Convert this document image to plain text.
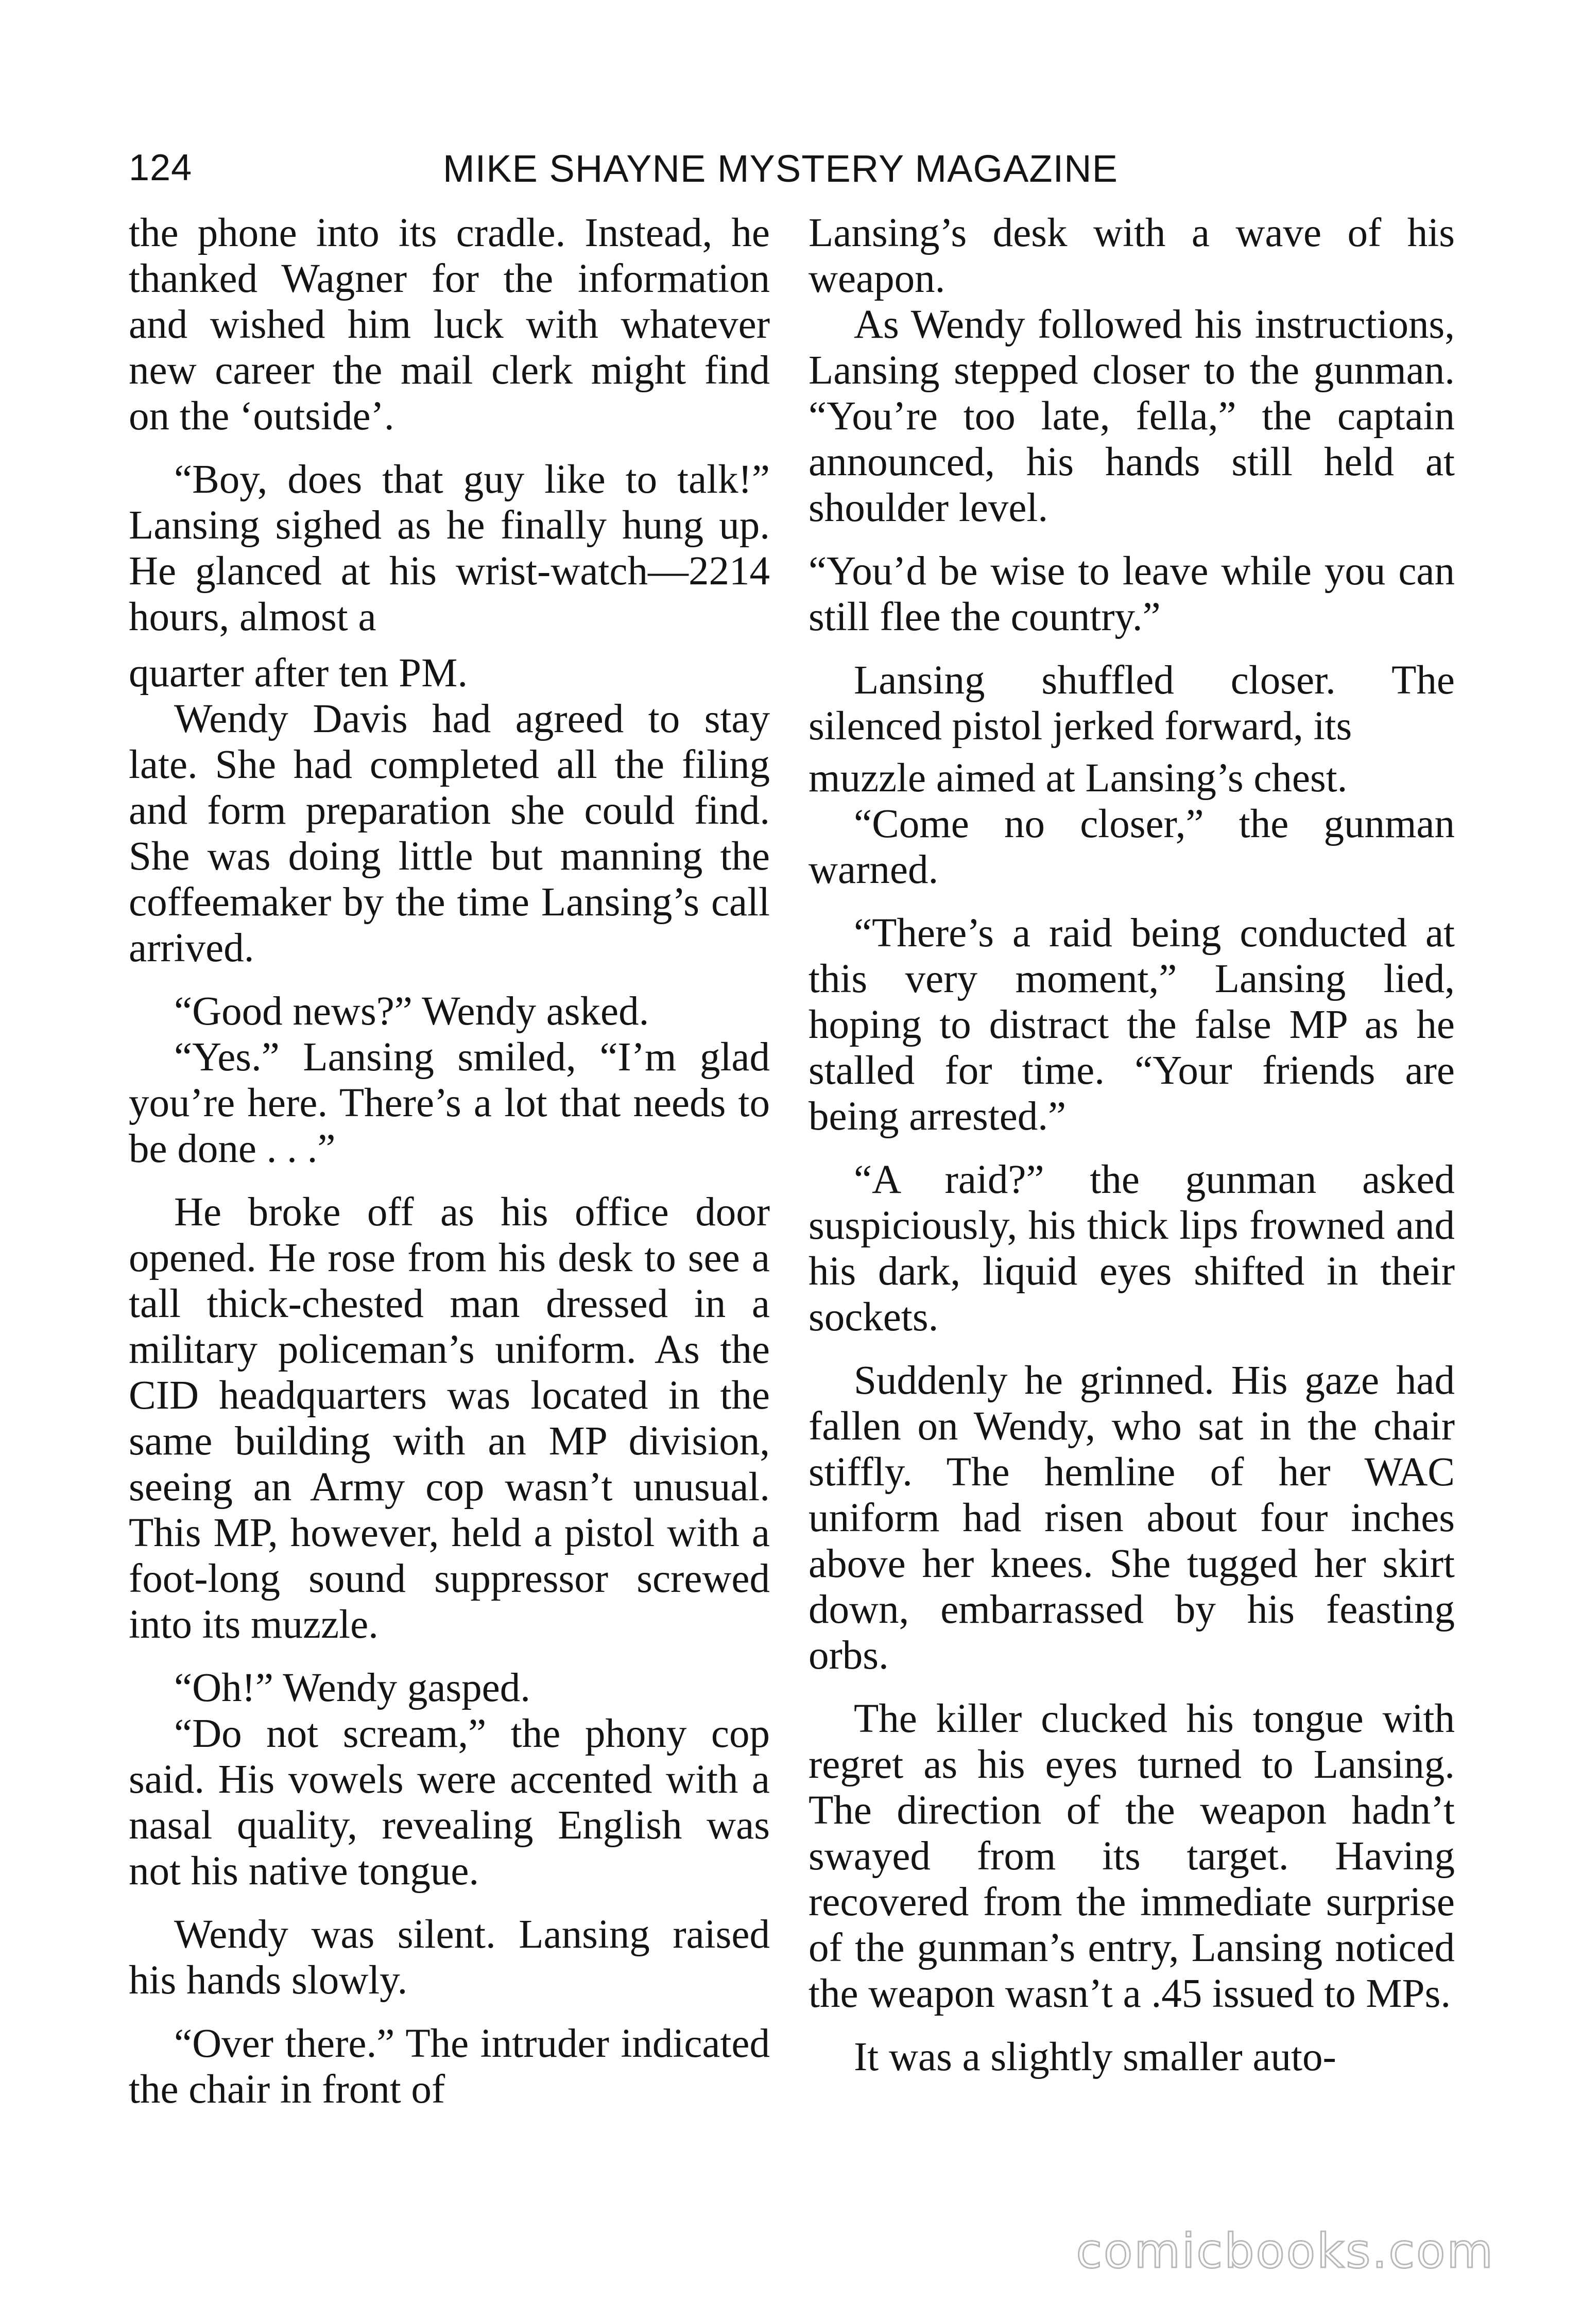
124	MIKE SHAYNE MYSTERY MAGAZINE

the phone into its cradle. Instead, he thanked Wagner for the information and wished him luck with whatever new career the mail clerk might find on the ‘outside’.

“Boy, does that guy like to talk!” Lansing sighed as he finally hung up. He glanced at his wrist-watch—2214 hours, almost a

quarter after ten PM.

Wendy Davis had agreed to stay late. She had completed all the filing and form preparation she could find. She was doing little but manning the coffeemaker by the time Lansing’s call arrived.

“Good news?” Wendy asked.

“Yes.” Lansing smiled, “I’m glad you’re here. There’s a lot that needs to be done . . .”

He broke off as his office door opened. He rose from his desk to see a tall thick-chested man dressed in a military policeman’s uniform. As the CID headquarters was located in the same building with an MP division, seeing an Army cop wasn’t unusual. This MP, however, held a pistol with a foot-long sound suppressor screwed into its muzzle.

“Oh!” Wendy gasped.

“Do not scream,” the phony cop said. His vowels were accented with a nasal quality, revealing English was not his native tongue.

Wendy was silent. Lansing raised his hands slowly.

“Over there.” The intruder indicated the chair in front of

Lansing’s desk with a wave of his weapon.

As Wendy followed his instructions, Lansing stepped closer to the gunman. “You’re too late, fella,” the captain announced, his hands still held at shoulder level.

“You’d be wise to leave while you can still flee the country.”

Lansing shuffled closer. The silenced pistol jerked forward, its

muzzle aimed at Lansing’s chest.

“Come no closer,” the gunman warned.

“There’s a raid being conducted at this very moment,” Lansing lied, hoping to distract the false MP as he stalled for time. “Your friends are being arrested.”

“A raid?” the gunman asked suspiciously, his thick lips frowned and his dark, liquid eyes shifted in their sockets.

Suddenly he grinned. His gaze had fallen on Wendy, who sat in the chair stiffly. The hemline of her WAC uniform had risen about four inches above her knees. She tugged her skirt down, embarrassed by his feasting orbs.

The killer clucked his tongue with regret as his eyes turned to Lansing. The direction of the weapon hadn’t swayed from its target. Having recovered from the immediate surprise of the gunman’s entry, Lansing noticed the weapon wasn’t a .45 issued to MPs.

It was a slightly smaller auto-

comicbooks.com
